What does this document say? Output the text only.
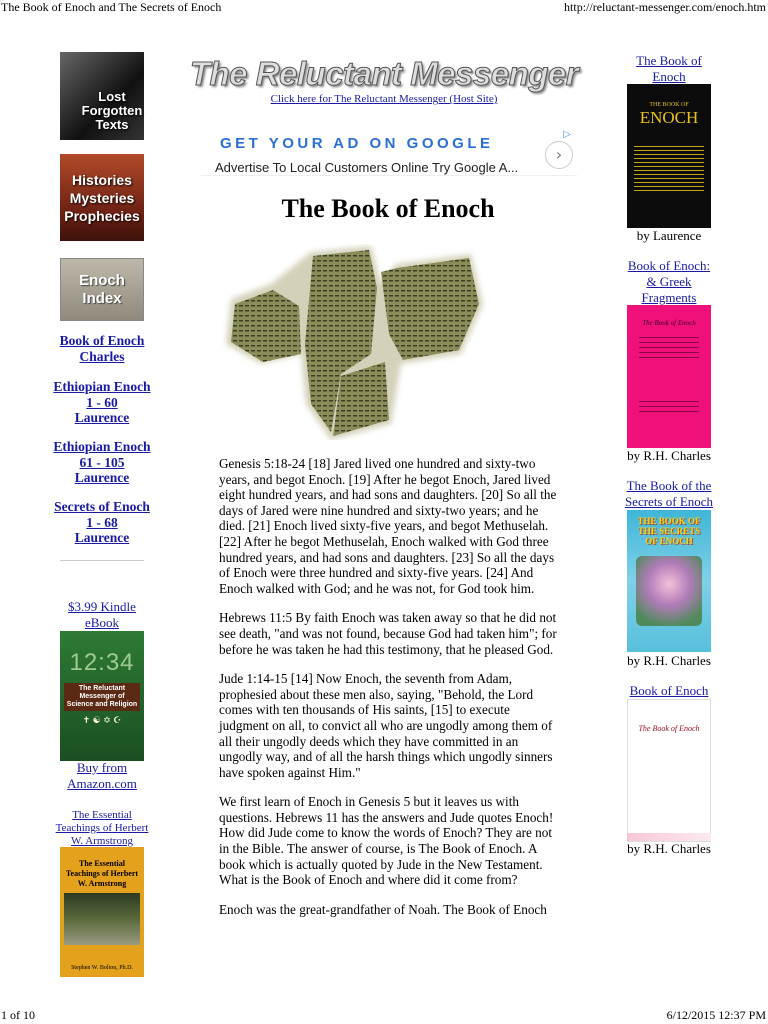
The Book of Enoch and The Secrets of Enoch	http://reluctant-messenger.com/enoch.htm
Lost Forgotten Texts
Histories Mysteries Prophecies
Enoch Index
Book of Enoch
Charles
Ethiopian Enoch
1 - 60
Laurence
Ethiopian Enoch
61 - 105
Laurence
Secrets of Enoch
1 - 68
Laurence
$3.99 Kindle
eBook
12:34
The Reluctant Messenger of Science and Religion
✝ ☯ ✡ ☪
Buy from
Amazon.com
The Essential
Teachings of Herbert
W. Armstrong
The Essential Teachings of Herbert W. Armstrong
Stephen W. Bolton, Ph.D.
The Reluctant Messenger
Click here for The Reluctant Messenger (Host Site)
GET YOUR AD ON GOOGLE
Advertise To Local Customers Online Try Google A...
›
▷
The Book of Enoch

Genesis 5:18-24 [18] Jared lived one hundred and sixty-two years, and begot Enoch. [19] After he begot Enoch, Jared lived eight hundred years, and had sons and daughters. [20] So all the days of Jared were nine hundred and sixty-two years; and he died. [21] Enoch lived sixty-five years, and begot Methuselah. [22] After he begot Methuselah, Enoch walked with God three hundred years, and had sons and daughters. [23] So all the days of Enoch were three hundred and sixty-five years. [24] And Enoch walked with God; and he was not, for God took him.

Hebrews 11:5 By faith Enoch was taken away so that he did not see death, "and was not found, because God had taken him"; for before he was taken he had this testimony, that he pleased God.

Jude 1:14-15 [14] Now Enoch, the seventh from Adam, prophesied about these men also, saying, "Behold, the Lord comes with ten thousands of His saints, [15] to execute judgment on all, to convict all who are ungodly among them of all their ungodly deeds which they have committed in an ungodly way, and of all the harsh things which ungodly sinners have spoken against Him."

We first learn of Enoch in Genesis 5 but it leaves us with questions. Hebrews 11 has the answers and Jude quotes Enoch! How did Jude come to know the words of Enoch? They are not in the Bible. The answer of course, is The Book of Enoch. A book which is actually quoted by Jude in the New Testament. What is the Book of Enoch and where did it come from?

Enoch was the great-grandfather of Noah. The Book of Enoch

The Book of
Enoch
THE BOOK OF
ENOCH
by Laurence
Book of Enoch:
& Greek
Fragments
The Book of Enoch
by R.H. Charles
The Book of the
Secrets of Enoch
THE BOOK OF THE SECRETS OF ENOCH
by R.H. Charles
Book of Enoch
The Book of Enoch
by R.H. Charles
1 of 10	6/12/2015 12:37 PM
